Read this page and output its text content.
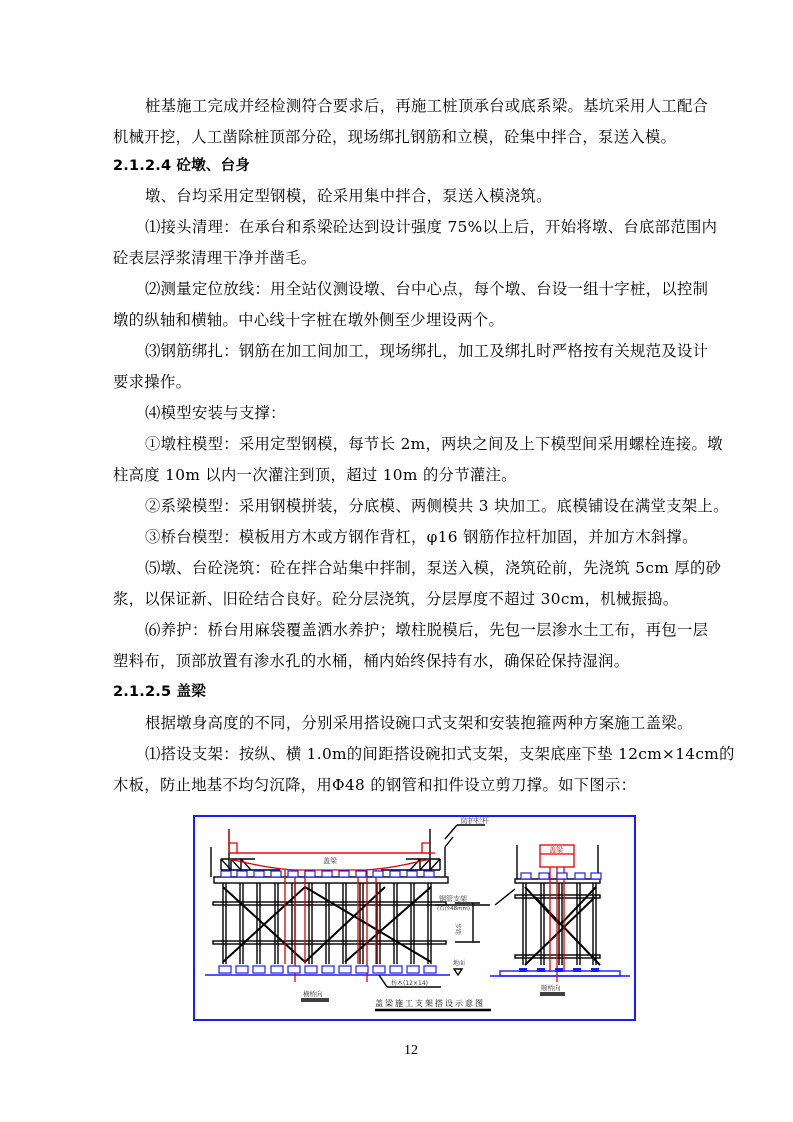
桩基施工完成并经检测符合要求后，再施工桩顶承台或底系梁。基坑采用人工配合
机械开挖，人工凿除桩顶部分砼，现场绑扎钢筋和立模，砼集中拌合，泵送入模。
2.1.2.4 砼墩、台身
墩、台均采用定型钢模，砼采用集中拌合，泵送入模浇筑。
⑴接头清理：在承台和系梁砼达到设计强度 75%以上后，开始将墩、台底部范围内
砼表层浮浆清理干净并凿毛。
⑵测量定位放线：用全站仪测设墩、台中心点，每个墩、台设一组十字桩，以控制
墩的纵轴和横轴。中心线十字桩在墩外侧至少埋设两个。
⑶钢筋绑扎：钢筋在加工间加工，现场绑扎，加工及绑扎时严格按有关规范及设计
要求操作。
⑷模型安装与支撑：
①墩柱模型：采用定型钢模，每节长 2m，两块之间及上下模型间采用螺栓连接。墩
柱高度 10m 以内一次灌注到顶，超过 10m 的分节灌注。
②系梁模型：采用钢模拼装，分底模、两侧模共 3 块加工。底模铺设在满堂支架上。
③桥台模型：模板用方木或方钢作背杠，φ16 钢筋作拉杆加固，并加方木斜撑。
⑸墩、台砼浇筑：砼在拌合站集中拌制，泵送入模，浇筑砼前，先浇筑 5cm 厚的砂
浆，以保证新、旧砼结合良好。砼分层浇筑，分层厚度不超过 30cm，机械振捣。
⑹养护：桥台用麻袋覆盖洒水养护；墩柱脱模后，先包一层渗水土工布，再包一层
塑料布，顶部放置有渗水孔的水桶，桶内始终保持有水，确保砼保持湿润。
2.1.2.5 盖梁
根据墩身高度的不同，分别采用搭设碗口式支架和安装抱箍两种方案施工盖梁。
⑴搭设支架：按纵、横 1.0m的间距搭设碗扣式支架，支架底座下垫 12cm×14cm的
木板，防止地基不均匀沉降，用Φ48 的钢管和扣件设立剪刀撑。如下图示：
盖梁
盖梁
防护栏杆
钢管支架
(直径48mm)
步距
地面
枋木(12×14)
横桥向
顺桥向
盖梁施工支架搭设示意图
12
